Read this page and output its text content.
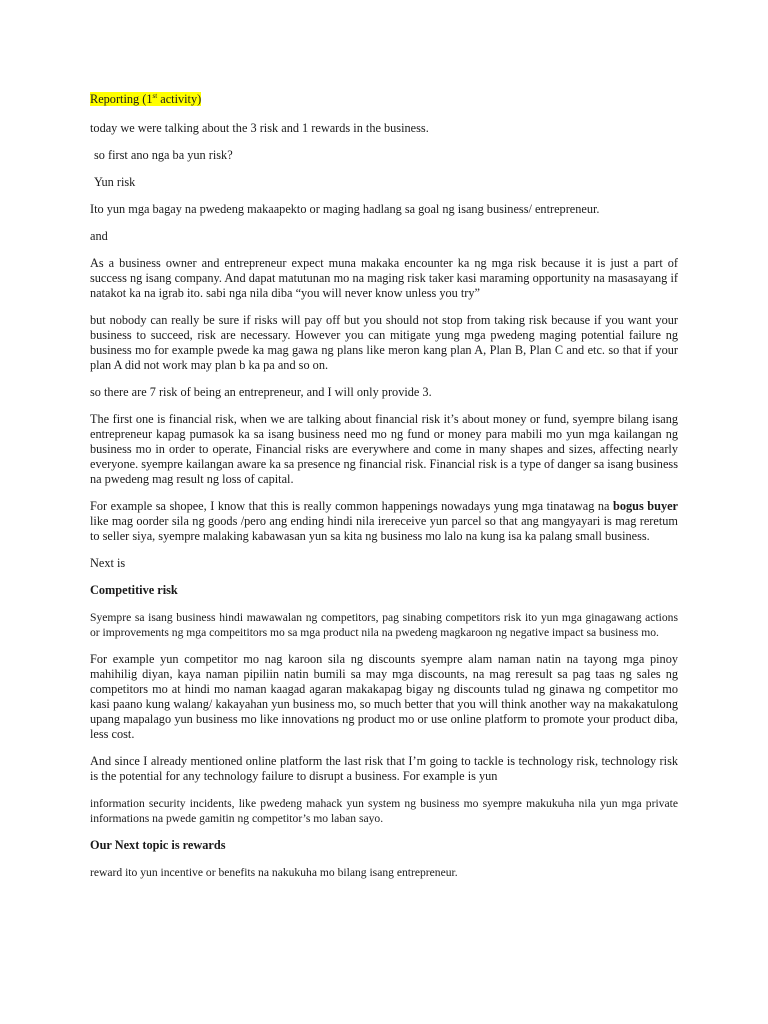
Reporting (1st activity)

today we were talking about the 3 risk and 1 rewards in the business.

so first ano nga ba yun risk?

Yun risk

Ito yun mga bagay na pwedeng makaapekto or maging hadlang sa goal ng isang business/ entrepreneur.

and

As a business owner and entrepreneur expect muna makaka encounter ka ng mga risk because it is just a part of success ng isang company. And dapat matutunan mo na maging risk taker kasi maraming opportunity na masasayang if natakot ka na igrab ito. sabi nga nila diba “you will never know unless you try”

but nobody can really be sure if risks will pay off but you should not stop from taking risk because if you want your business to succeed, risk are necessary. However you can mitigate yung mga pwedeng maging potential failure ng business mo for example pwede ka mag gawa ng plans like meron kang plan A, Plan B, Plan C and etc. so that if your plan A did not work may plan b ka pa and so on.

so there are 7 risk of being an entrepreneur, and I will only provide 3.

The first one is financial risk, when we are talking about financial risk it’s about money or fund, syempre bilang isang entrepreneur kapag pumasok ka sa isang business need mo ng fund or money para mabili mo yun mga kailangan ng business mo in order to operate, Financial risks are everywhere and come in many shapes and sizes, affecting nearly everyone. syempre kailangan aware ka sa presence ng financial risk. Financial risk is a type of danger sa isang business na pwedeng mag result ng loss of capital.

For example sa shopee, I know that this is really common happenings nowadays yung mga tinatawag na bogus buyer like mag oorder sila ng goods /pero ang ending hindi nila irereceive yun parcel so that ang mangyayari is mag reretum to seller siya, syempre malaking kabawasan yun sa kita ng business mo lalo na kung isa ka palang small business.

Next is

Competitive risk

Syempre sa isang business hindi mawawalan ng competitors, pag sinabing competitors risk ito yun mga ginagawang actions or improvements ng mga compeititors mo sa mga product nila na pwedeng magkaroon ng negative impact sa business mo.

For example yun competitor mo nag karoon sila ng discounts syempre alam naman natin na tayong mga pinoy mahihilig diyan, kaya naman pipiliin natin bumili sa may mga discounts, na mag reresult sa pag taas ng sales ng competitors mo at hindi mo naman kaagad agaran makakapag bigay ng discounts tulad ng ginawa ng competitor mo kasi paano kung walang/ kakayahan yun business mo, so much better that you will think another way na makakatulong upang mapalago yun business mo like innovations ng product mo or use online platform to promote your product diba, less cost.

And since I already mentioned online platform the last risk that I’m going to tackle is technology risk, technology risk is the potential for any technology failure to disrupt a business. For example is yun

information security incidents, like pwedeng mahack yun system ng business mo syempre makukuha nila yun mga private informations na pwede gamitin ng competitor’s mo laban sayo.

Our Next topic is rewards

reward ito yun incentive or benefits na nakukuha mo bilang isang entrepreneur.
